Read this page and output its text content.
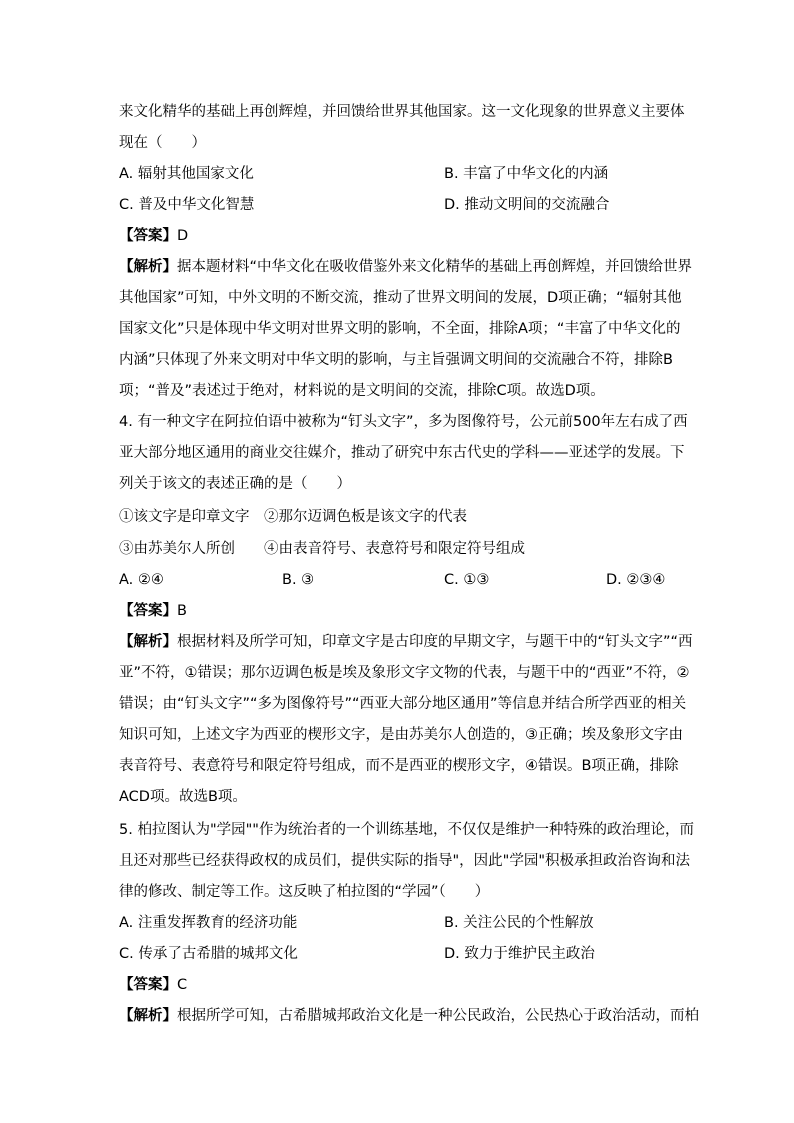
来文化精华的基础上再创辉煌，并回馈给世界其他国家。这一文化现象的世界意义主要体
现在（　　）
A. 辐射其他国家文化	B. 丰富了中华文化的内涵
C. 普及中华文化智慧	D. 推动文明间的交流融合
【答案】D
【解析】据本题材料“中华文化在吸收借鉴外来文化精华的基础上再创辉煌，并回馈给世界
其他国家”可知，中外文明的不断交流，推动了世界文明间的发展，D项正确；“辐射其他
国家文化”只是体现中华文明对世界文明的影响，不全面，排除A项；“丰富了中华文化的
内涵”只体现了外来文明对中华文明的影响，与主旨强调文明间的交流融合不符，排除B
项；“普及”表述过于绝对，材料说的是文明间的交流，排除C项。故选D项。
4. 有一种文字在阿拉伯语中被称为“钉头文字”，多为图像符号，公元前500年左右成了西
亚大部分地区通用的商业交往媒介，推动了研究中东古代史的学科——亚述学的发展。下
列关于该文的表述正确的是（　　）
①该文字是印章文字　②那尔迈调色板是该文字的代表
③由苏美尔人所创　　④由表音符号、表意符号和限定符号组成
A. ②④	B. ③	C. ①③	D. ②③④
【答案】B
【解析】根据材料及所学可知，印章文字是古印度的早期文字，与题干中的“钉头文字”“西
亚”不符，①错误；那尔迈调色板是埃及象形文字文物的代表，与题干中的“西亚”不符，②
错误；由“钉头文字”“多为图像符号”“西亚大部分地区通用”等信息并结合所学西亚的相关
知识可知，上述文字为西亚的楔形文字，是由苏美尔人创造的，③正确；埃及象形文字由
表音符号、表意符号和限定符号组成，而不是西亚的楔形文字，④错误。B项正确，排除
ACD项。故选B项。
5. 柏拉图认为"学园""作为统治者的一个训练基地，不仅仅是维护一种特殊的政治理论，而
且还对那些已经获得政权的成员们，提供实际的指导"，因此"学园"积极承担政治咨询和法
律的修改、制定等工作。这反映了柏拉图的“学园”（　　）
A. 注重发挥教育的经济功能	B. 关注公民的个性解放
C. 传承了古希腊的城邦文化	D. 致力于维护民主政治
【答案】C
【解析】根据所学可知，古希腊城邦政治文化是一种公民政治，公民热心于政治活动，而柏
